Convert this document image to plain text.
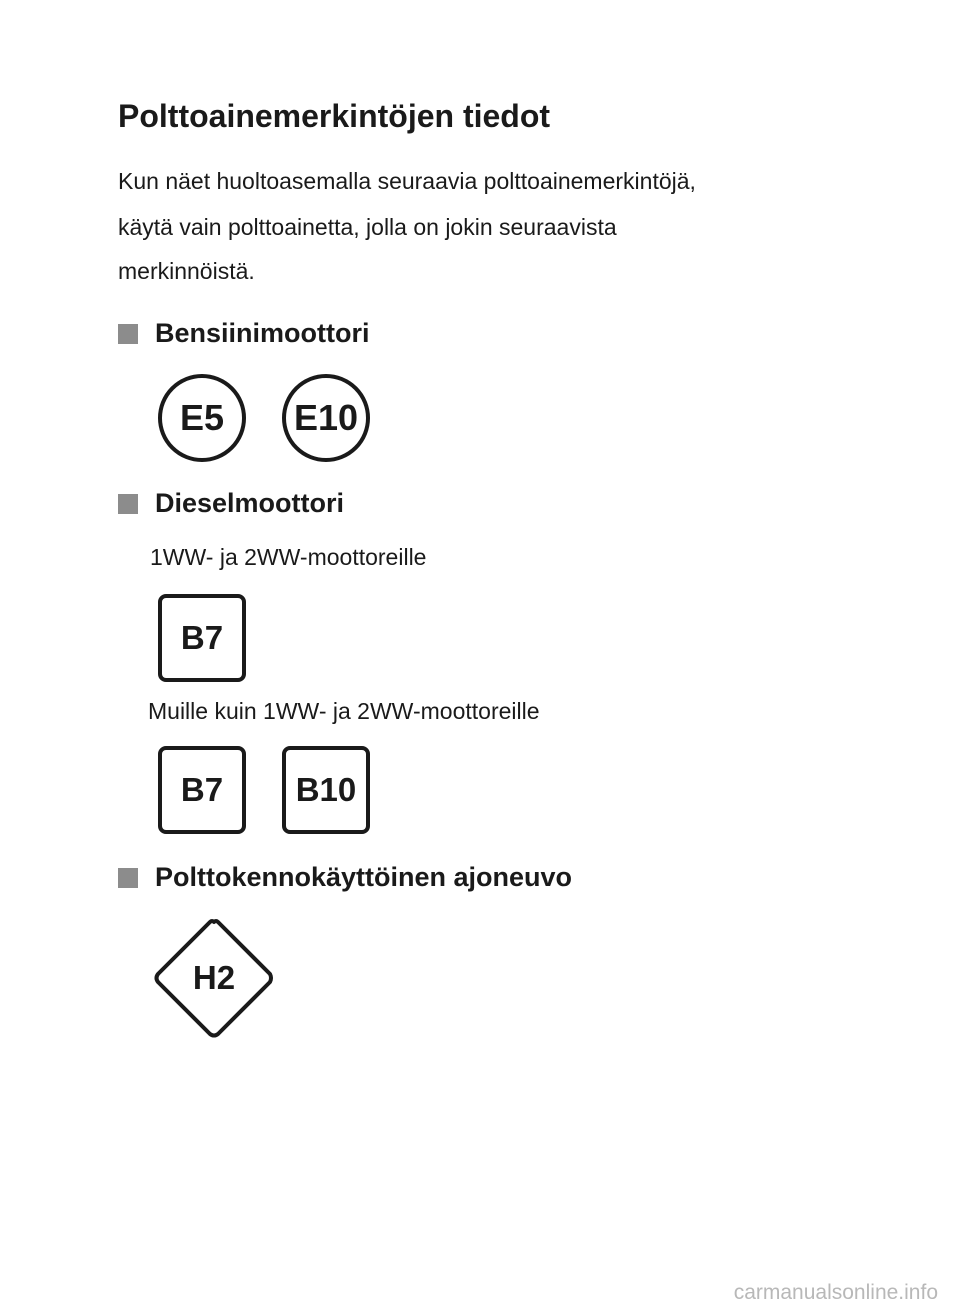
Polttoainemerkintöjen tiedot
Kun näet huoltoasemalla seuraavia polttoainemerkintöjä,
käytä vain polttoainetta, jolla on jokin seuraavista
merkinnöistä.
Bensiinimoottori
E5	E10
Dieselmoottori
1WW- ja 2WW-moottoreille
B7
Muille kuin 1WW- ja 2WW-moottoreille
B7	B10
Polttokennokäyttöinen ajoneuvo
H2
carmanualsonline.info
